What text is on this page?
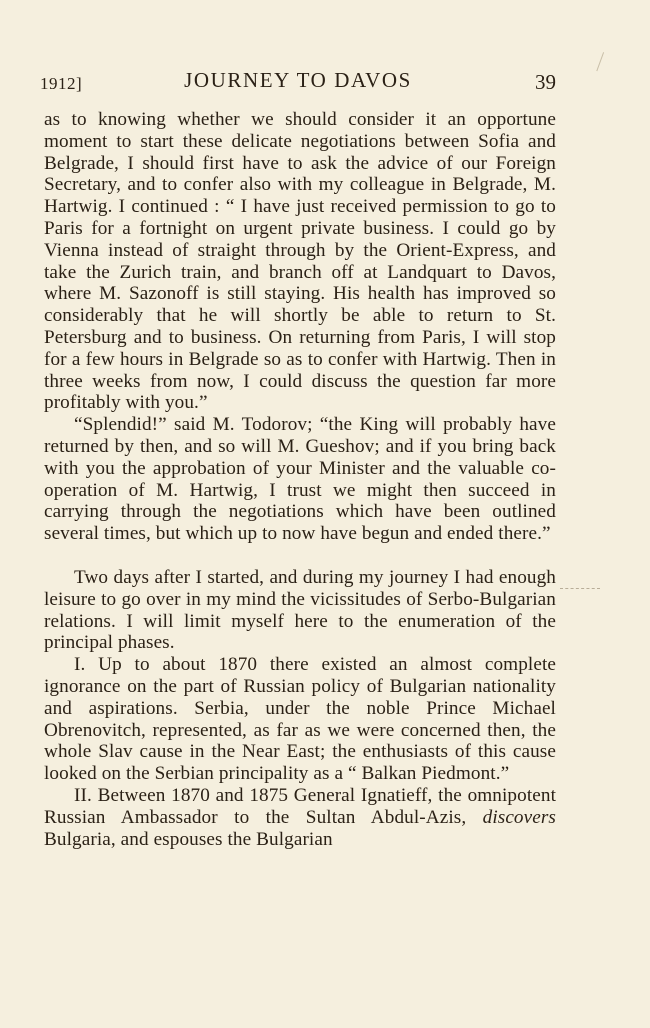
1912]	JOURNEY TO DAVOS	39

as to knowing whether we should consider it an opportune moment to start these delicate negotiations between Sofia and Belgrade, I should first have to ask the advice of our Foreign Secretary, and to confer also with my colleague in Belgrade, M. Hartwig. I continued : “ I have just received permission to go to Paris for a fortnight on urgent private business. I could go by Vienna instead of straight through by the Orient-Express, and take the Zurich train, and branch off at Landquart to Davos, where M. Sazonoff is still staying. His health has improved so considerably that he will shortly be able to return to St. Petersburg and to business. On returning from Paris, I will stop for a few hours in Belgrade so as to confer with Hartwig. Then in three weeks from now, I could discuss the question far more profitably with you.”

“Splendid!” said M. Todorov; “the King will probably have returned by then, and so will M. Gueshov; and if you bring back with you the approbation of your Minister and the valuable co-operation of M. Hartwig, I trust we might then succeed in carrying through the negotiations which have been outlined several times, but which up to now have begun and ended there.”

Two days after I started, and during my journey I had enough leisure to go over in my mind the vicissitudes of Serbo-Bulgarian relations. I will limit myself here to the enumeration of the principal phases.

I. Up to about 1870 there existed an almost complete ignorance on the part of Russian policy of Bulgarian nationality and aspirations. Serbia, under the noble Prince Michael Obrenovitch, represented, as far as we were concerned then, the whole Slav cause in the Near East; the enthusiasts of this cause looked on the Serbian principality as a “ Balkan Piedmont.”

II. Between 1870 and 1875 General Ignatieff, the omnipotent Russian Ambassador to the Sultan Abdul-Azis, discovers Bulgaria, and espouses the Bulgarian
